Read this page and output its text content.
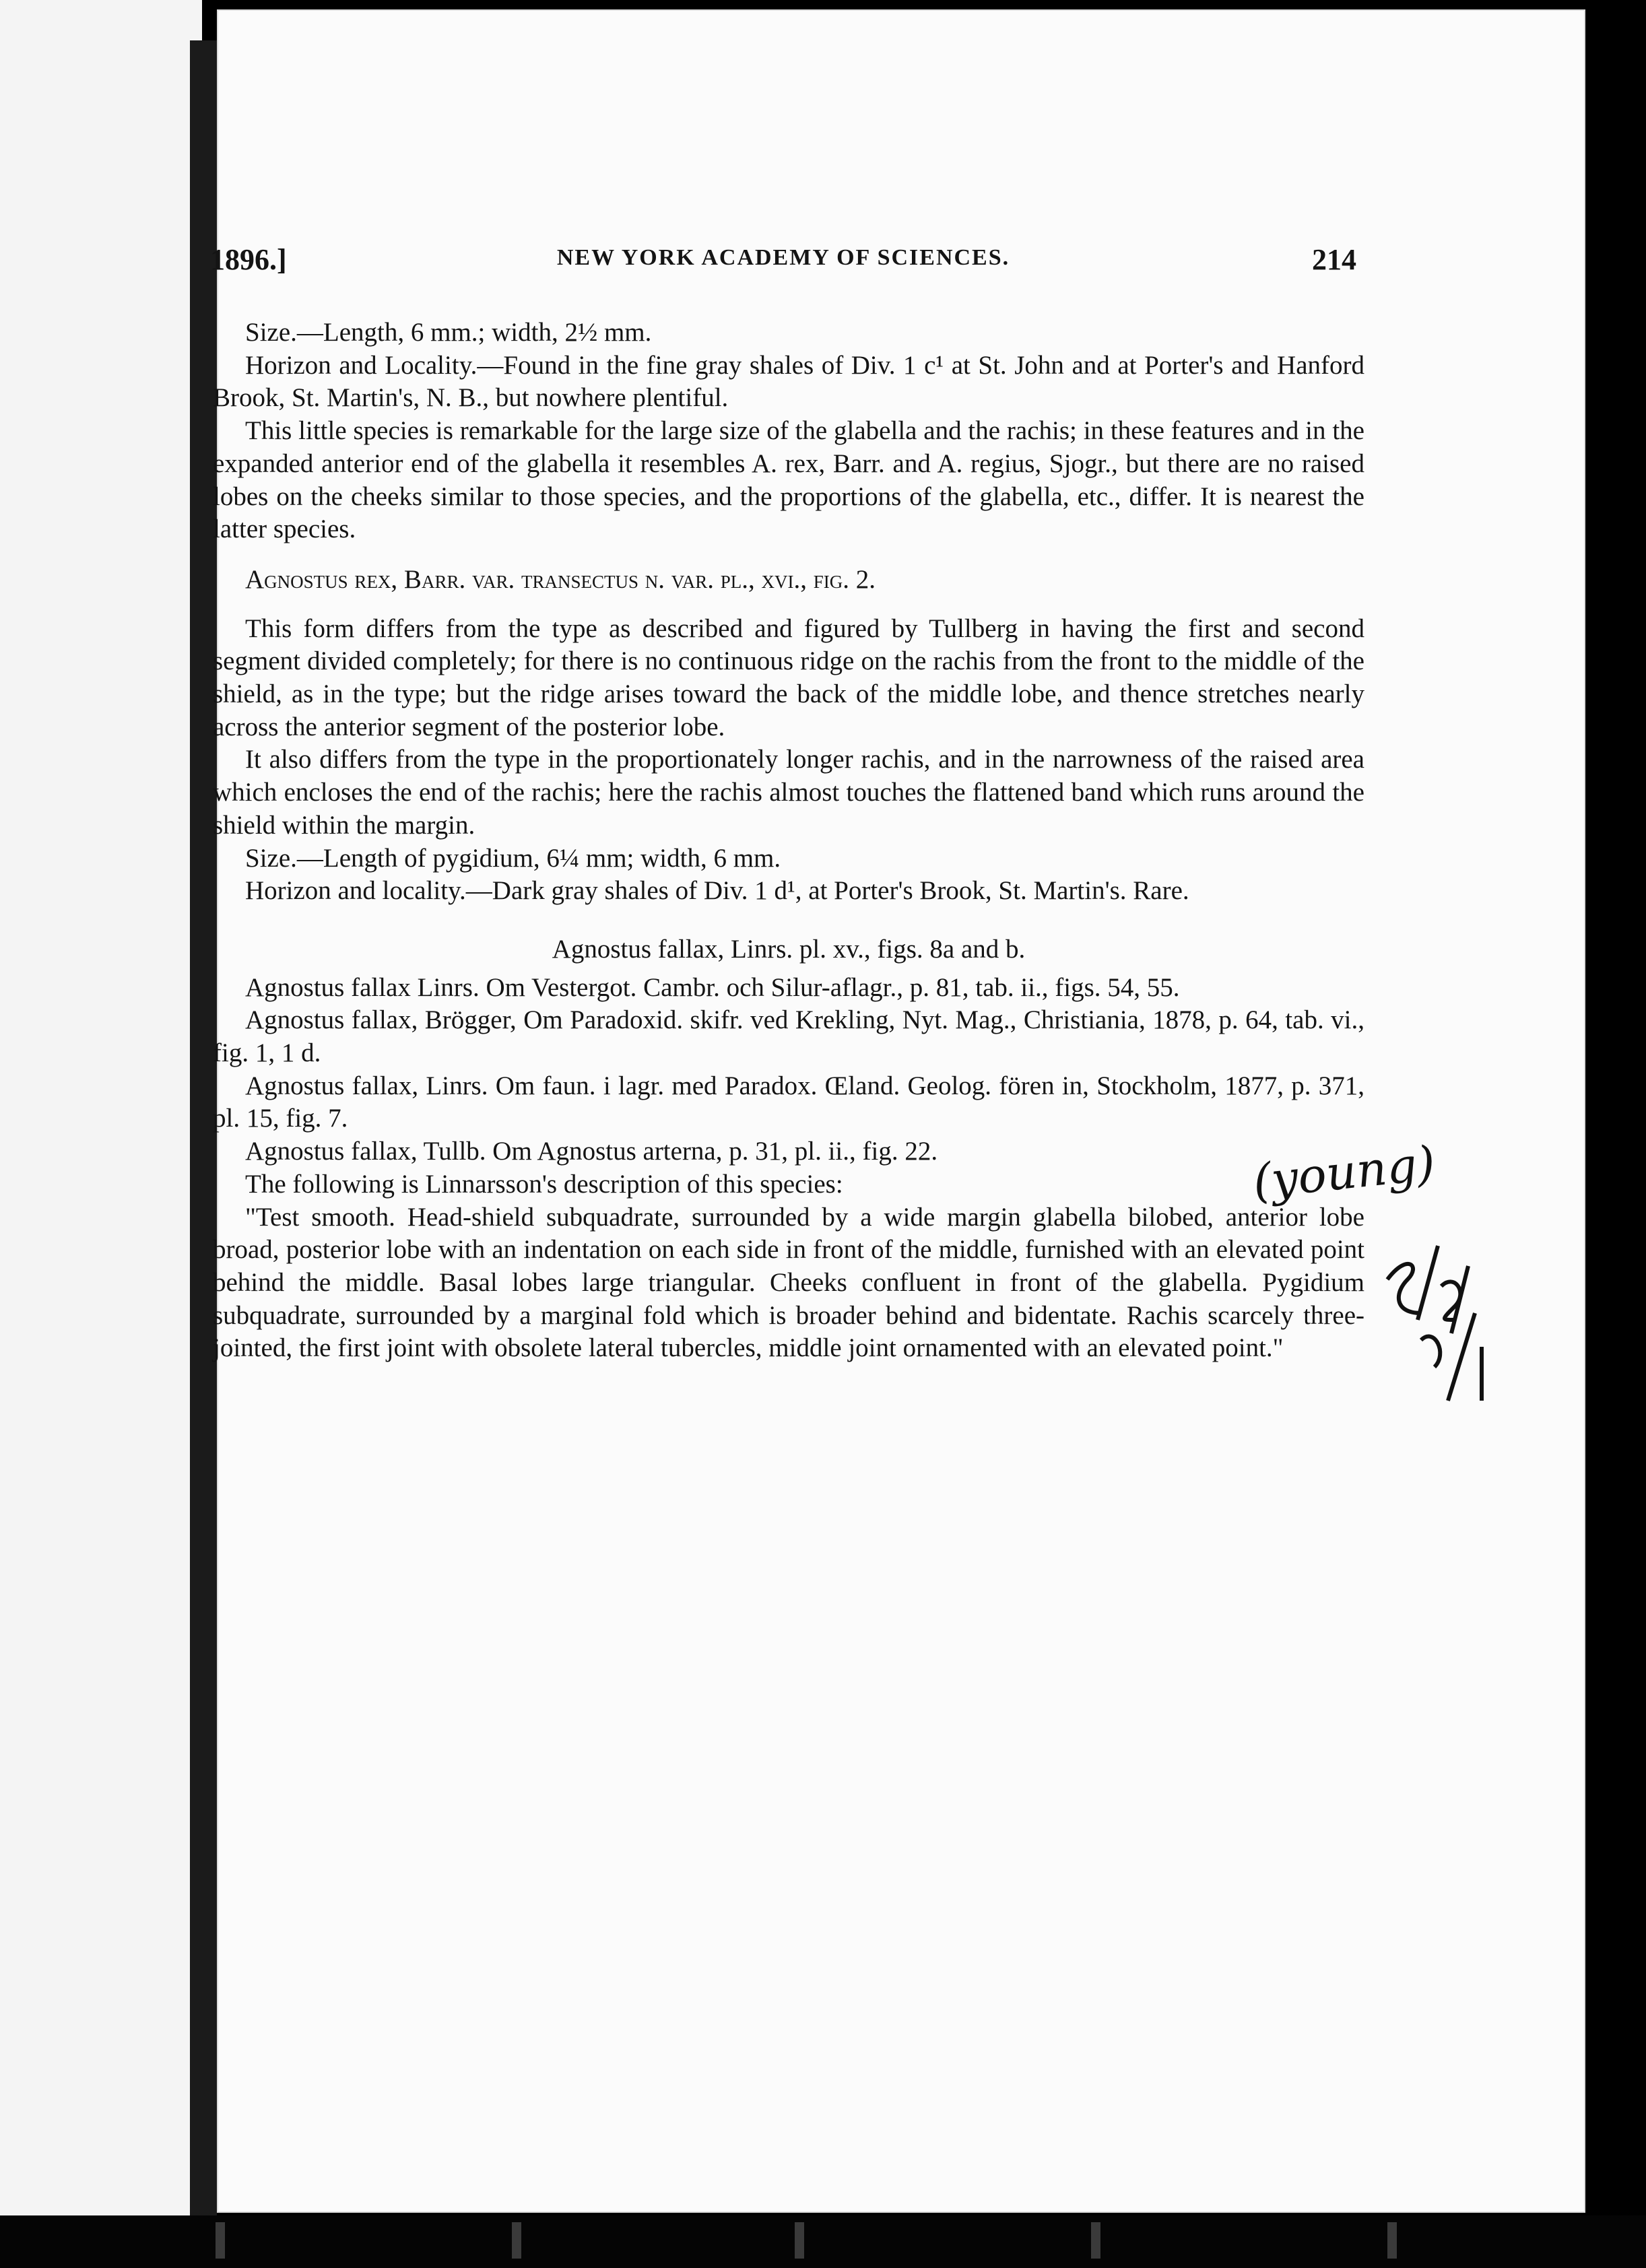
1896.]	NEW YORK ACADEMY OF SCIENCES.	214

Size.—Length, 6 mm.; width, 2½ mm.

Horizon and Locality.—Found in the fine gray shales of Div. 1 c¹ at St. John and at Porter's and Hanford Brook, St. Martin's, N. B., but nowhere plentiful.

This little species is remarkable for the large size of the glabella and the rachis; in these features and in the expanded anterior end of the glabella it resembles A. rex, Barr. and A. regius, Sjogr., but there are no raised lobes on the cheeks similar to those species, and the proportions of the glabella, etc., differ. It is nearest the latter species.

Agnostus rex, Barr. var. transectus n. var. pl., xvi., fig. 2.

This form differs from the type as described and figured by Tullberg in having the first and second segment divided completely; for there is no continuous ridge on the rachis from the front to the middle of the shield, as in the type; but the ridge arises toward the back of the middle lobe, and thence stretches nearly across the anterior segment of the posterior lobe.

It also differs from the type in the proportionately longer rachis, and in the narrowness of the raised area which encloses the end of the rachis; here the rachis almost touches the flattened band which runs around the shield within the margin.

Size.—Length of pygidium, 6¼ mm; width, 6 mm.

Horizon and locality.—Dark gray shales of Div. 1 d¹, at Porter's Brook, St. Martin's. Rare.

Agnostus fallax, Linrs. pl. xv., figs. 8a and b.

Agnostus fallax Linrs. Om Vestergot. Cambr. och Silur-aflagr., p. 81, tab. ii., figs. 54, 55.

Agnostus fallax, Brögger, Om Paradoxid. skifr. ved Krekling, Nyt. Mag., Christiania, 1878, p. 64, tab. vi., fig. 1, 1 d.

Agnostus fallax, Linrs. Om faun. i lagr. med Paradox. Œland. Geolog. fören in, Stockholm, 1877, p. 371, pl. 15, fig. 7.

Agnostus fallax, Tullb. Om Agnostus arterna, p. 31, pl. ii., fig. 22.

The following is Linnarsson's description of this species:

"Test smooth. Head-shield subquadrate, surrounded by a wide margin glabella bilobed, anterior lobe broad, posterior lobe with an indentation on each side in front of the middle, furnished with an elevated point behind the middle. Basal lobes large triangular. Cheeks confluent in front of the glabella. Pygidium subquadrate, surrounded by a marginal fold which is broader behind and bidentate. Rachis scarcely three-jointed, the first joint with obsolete lateral tubercles, middle joint ornamented with an elevated point."

(young)
